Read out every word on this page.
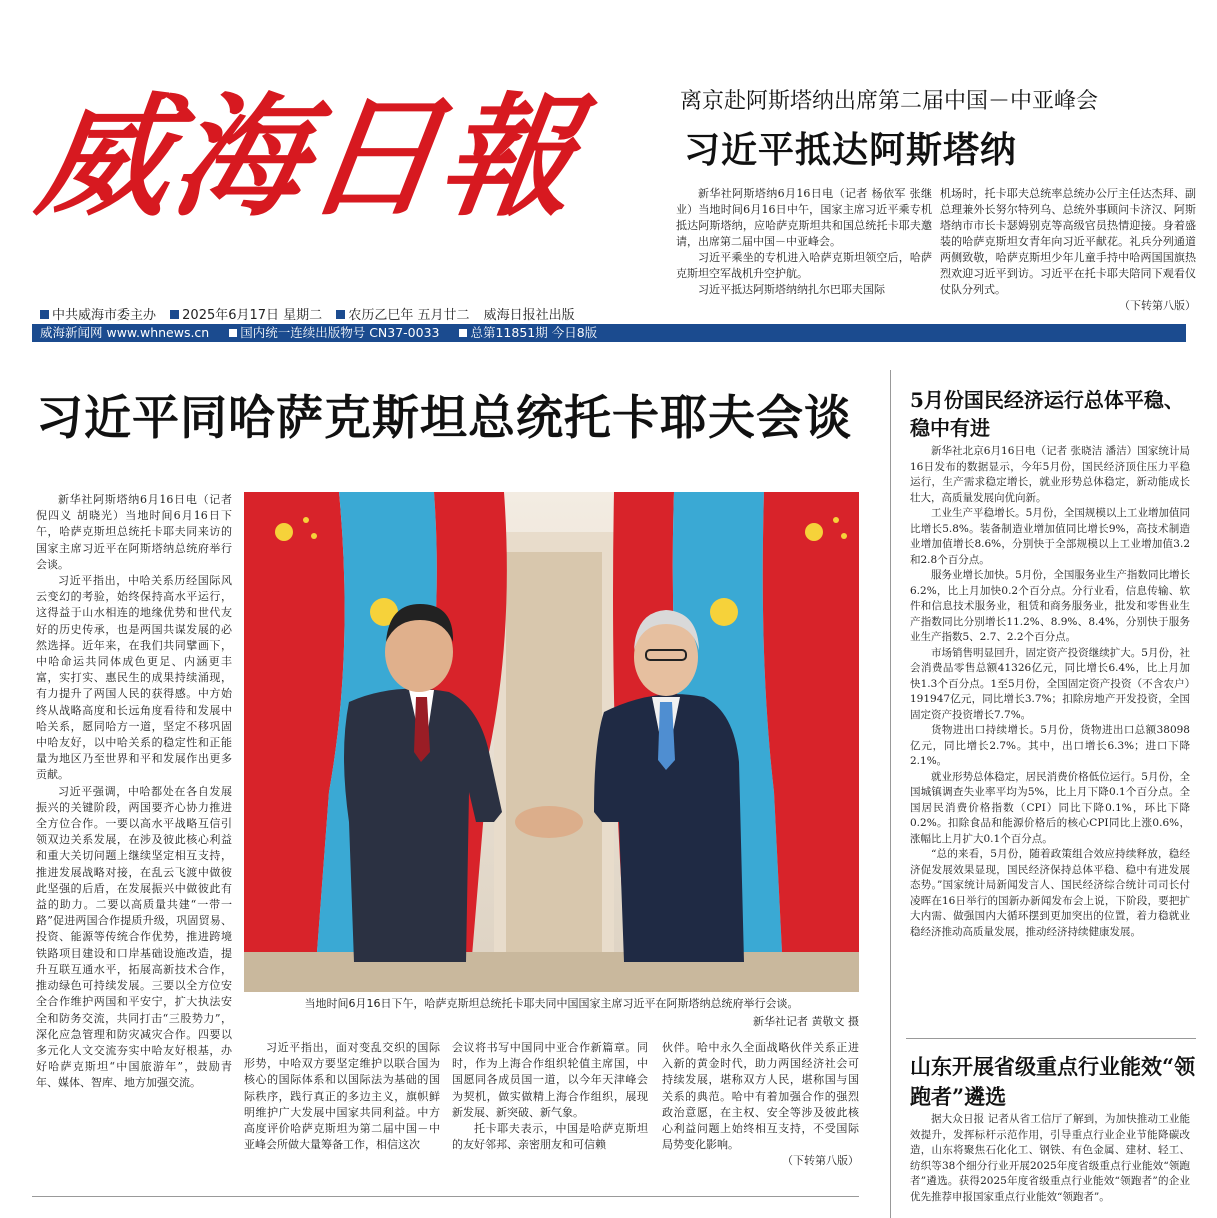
威海日報
中共威海市委主办 2025年6月17日 星期二 农历乙巳年 五月廿二 威海日报社出版
威海新闻网 www.whnews.cn 国内统一连续出版物号 CN37-0033 总第11851期 今日8版
离京赴阿斯塔纳出席第二届中国－中亚峰会
习近平抵达阿斯塔纳

新华社阿斯塔纳6月16日电（记者 杨依军 张继业）当地时间6月16日中午，国家主席习近平乘专机抵达阿斯塔纳，应哈萨克斯坦共和国总统托卡耶夫邀请，出席第二届中国－中亚峰会。

习近平乘坐的专机进入哈萨克斯坦领空后，哈萨克斯坦空军战机升空护航。

习近平抵达阿斯塔纳纳扎尔巴耶夫国际

机场时，托卡耶夫总统率总统办公厅主任达杰拜、副总理兼外长努尔特列乌、总统外事顾问卡济汉、阿斯塔纳市市长卡瑟姆别克等高级官员热情迎接。身着盛装的哈萨克斯坦女青年向习近平献花。礼兵分列通道两侧致敬，哈萨克斯坦少年儿童手持中哈两国国旗热烈欢迎习近平到访。习近平在托卡耶夫陪同下观看仪仗队分列式。

（下转第八版）

习近平同哈萨克斯坦总统托卡耶夫会谈

新华社阿斯塔纳6月16日电（记者 倪四义 胡晓光）当地时间6月16日下午，哈萨克斯坦总统托卡耶夫同来访的国家主席习近平在阿斯塔纳总统府举行会谈。

习近平指出，中哈关系历经国际风云变幻的考验，始终保持高水平运行，这得益于山水相连的地缘优势和世代友好的历史传承，也是两国共谋发展的必然选择。近年来，在我们共同擘画下，中哈命运共同体成色更足、内涵更丰富，实打实、惠民生的成果持续涌现，有力提升了两国人民的获得感。中方始终从战略高度和长远角度看待和发展中哈关系，愿同哈方一道，坚定不移巩固中哈友好，以中哈关系的稳定性和正能量为地区乃至世界和平和发展作出更多贡献。

习近平强调，中哈都处在各自发展振兴的关键阶段，两国要齐心协力推进全方位合作。一要以高水平战略互信引领双边关系发展，在涉及彼此核心利益和重大关切问题上继续坚定相互支持，推进发展战略对接，在乱云飞渡中做彼此坚强的后盾，在发展振兴中做彼此有益的助力。二要以高质量共建“一带一路”促进两国合作提质升级，巩固贸易、投资、能源等传统合作优势，推进跨境铁路项目建设和口岸基础设施改造，提升互联互通水平，拓展高新技术合作，推动绿色可持续发展。三要以全方位安全合作维护两国和平安宁，扩大执法安全和防务交流，共同打击“三股势力”，深化应急管理和防灾减灾合作。四要以多元化人文交流夯实中哈友好根基，办好哈萨克斯坦“中国旅游年”，鼓励青年、媒体、智库、地方加强交流。

当地时间6月16日下午，哈萨克斯坦总统托卡耶夫同中国国家主席习近平在阿斯塔纳总统府举行会谈。
新华社记者 黄敬文 摄

习近平指出，面对变乱交织的国际形势，中哈双方要坚定维护以联合国为核心的国际体系和以国际法为基础的国际秩序，践行真正的多边主义，旗帜鲜明维护广大发展中国家共同利益。中方高度评价哈萨克斯坦为第二届中国－中亚峰会所做大量筹备工作，相信这次

会议将书写中国同中亚合作新篇章。同时，作为上海合作组织轮值主席国，中国愿同各成员国一道，以今年天津峰会为契机，做实做精上海合作组织，展现新发展、新突破、新气象。

托卡耶夫表示，中国是哈萨克斯坦的友好邻邦、亲密朋友和可信赖

伙伴。哈中永久全面战略伙伴关系正进入新的黄金时代，助力两国经济社会可持续发展，堪称双方人民，堪称国与国关系的典范。哈中有着加强合作的强烈政治意愿，在主权、安全等涉及彼此核心利益问题上始终相互支持，不受国际局势变化影响。

（下转第八版）

5月份国民经济运行总体平稳、稳中有进

新华社北京6月16日电（记者 张晓洁 潘洁）国家统计局16日发布的数据显示，今年5月份，国民经济顶住压力平稳运行，生产需求稳定增长，就业形势总体稳定，新动能成长壮大，高质量发展向优向新。

工业生产平稳增长。5月份，全国规模以上工业增加值同比增长5.8%。装备制造业增加值同比增长9%，高技术制造业增加值增长8.6%，分别快于全部规模以上工业增加值3.2和2.8个百分点。

服务业增长加快。5月份，全国服务业生产指数同比增长6.2%，比上月加快0.2个百分点。分行业看，信息传输、软件和信息技术服务业，租赁和商务服务业，批发和零售业生产指数同比分别增长11.2%、8.9%、8.4%，分别快于服务业生产指数5、2.7、2.2个百分点。

市场销售明显回升，固定资产投资继续扩大。5月份，社会消费品零售总额41326亿元，同比增长6.4%，比上月加快1.3个百分点。1至5月份，全国固定资产投资（不含农户）191947亿元，同比增长3.7%；扣除房地产开发投资，全国固定资产投资增长7.7%。

货物进出口持续增长。5月份，货物进出口总额38098亿元，同比增长2.7%。其中，出口增长6.3%；进口下降2.1%。

就业形势总体稳定，居民消费价格低位运行。5月份，全国城镇调查失业率平均为5%，比上月下降0.1个百分点。全国居民消费价格指数（CPI）同比下降0.1%，环比下降0.2%。扣除食品和能源价格后的核心CPI同比上涨0.6%，涨幅比上月扩大0.1个百分点。

“总的来看，5月份，随着政策组合效应持续释放，稳经济促发展效果显现，国民经济保持总体平稳、稳中有进发展态势。”国家统计局新闻发言人、国民经济综合统计司司长付凌晖在16日举行的国新办新闻发布会上说，下阶段，要把扩大内需、做强国内大循环摆到更加突出的位置，着力稳就业稳经济推动高质量发展，推动经济持续健康发展。

山东开展省级重点行业能效“领跑者”遴选

据大众日报 记者从省工信厅了解到，为加快推动工业能效提升，发挥标杆示范作用，引导重点行业企业节能降碳改造，山东将聚焦石化化工、钢铁、有色金属、建材、轻工、纺织等38个细分行业开展2025年度省级重点行业能效“领跑者”遴选。获得2025年度省级重点行业能效“领跑者”的企业优先推荐申报国家重点行业能效“领跑者”。
